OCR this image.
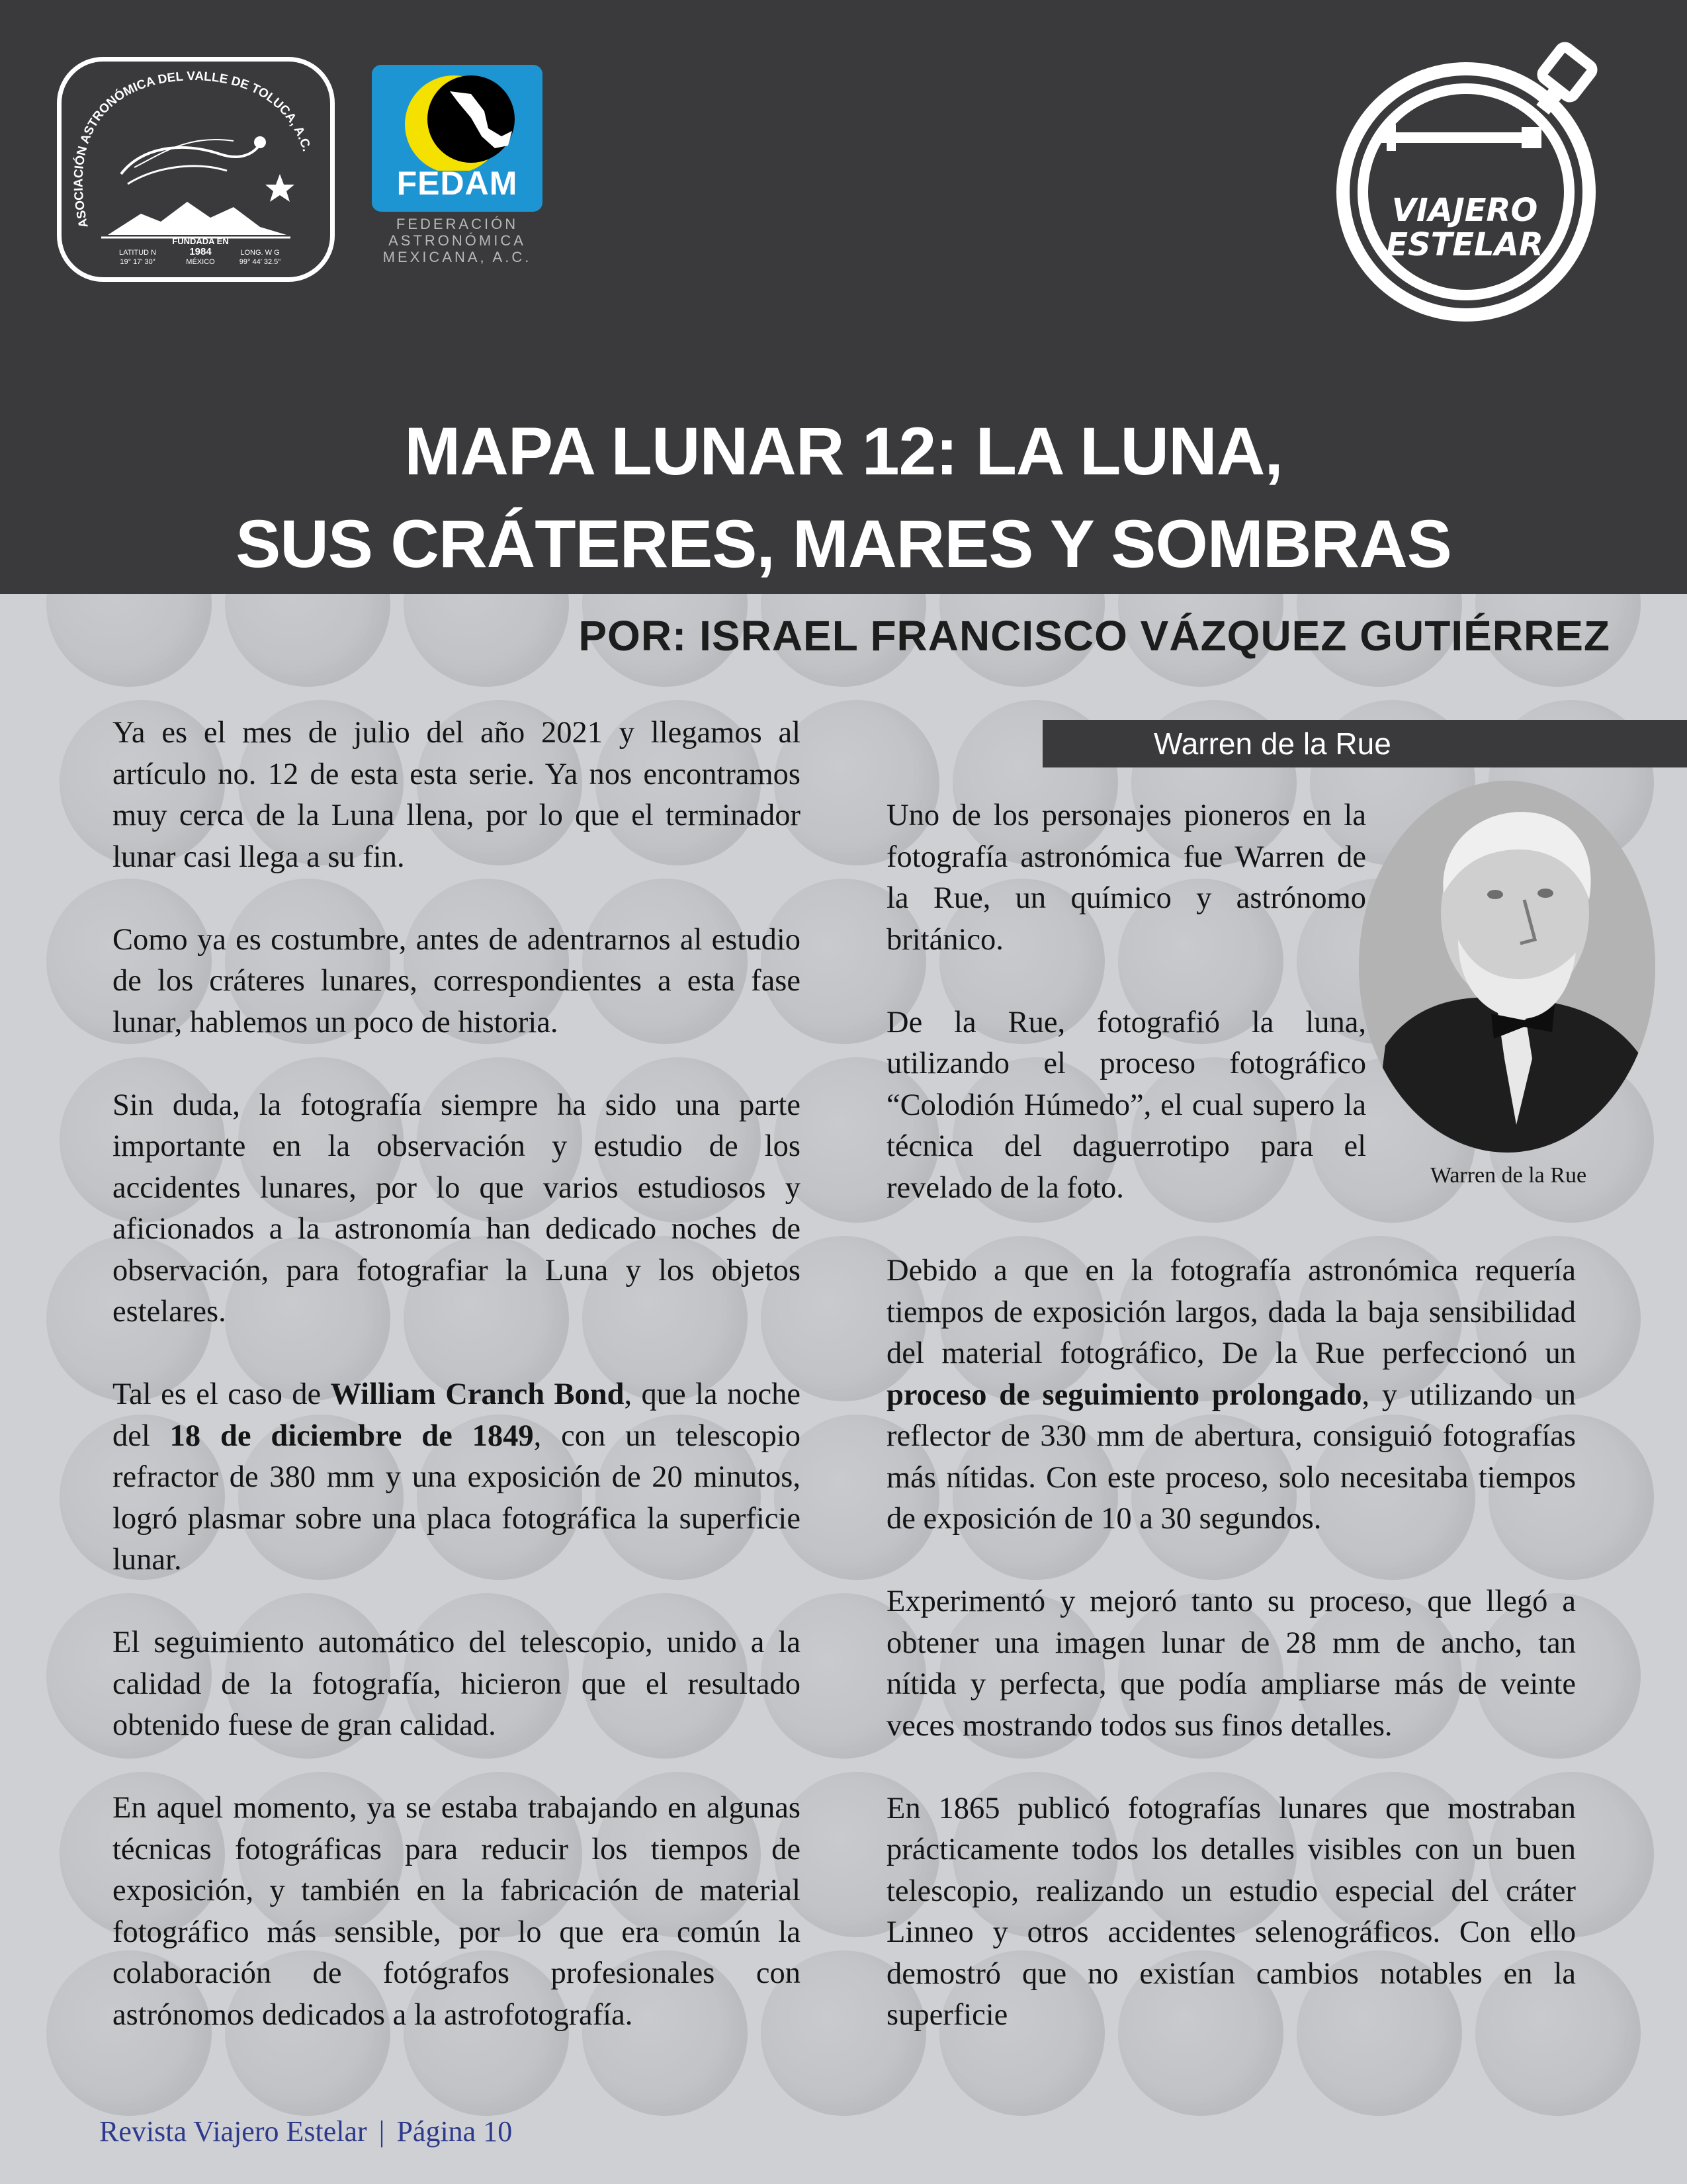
ASOCIACIÓN ASTRONÓMICA DEL VALLE DE TOLUCA, A.C.
FUNDADA EN
1984
MÉXICO
LATITUD N
19° 17' 30"
LONG. W G
99° 44' 32.5"
FEDAM
FEDERACIÓN
ASTRONÓMICA
MEXICANA, A.C.
VIAJERO
ESTELAR
MAPA LUNAR 12: LA LUNA,
SUS CRÁTERES, MARES Y SOMBRAS
POR: ISRAEL FRANCISCO VÁZQUEZ GUTIÉRREZ

Ya es el mes de julio del año 2021 y llegamos al artículo no. 12 de esta esta serie. Ya nos encontramos muy cerca de la Luna llena, por lo que el terminador lunar casi llega a su fin.

Como ya es costumbre, antes de adentrarnos al estudio de los cráteres lunares, correspondientes a esta fase lunar, hablemos un poco de historia.

Sin duda, la fotografía siempre ha sido una parte importante en la observación y estudio de los accidentes lunares, por lo que varios estudiosos y aficionados a la astronomía han dedicado noches de observación, para fotografiar la Luna y los objetos estelares.

Tal es el caso de William Cranch Bond, que la noche del 18 de diciembre de 1849, con un telescopio refractor de 380 mm y una exposición de 20 minutos, logró plasmar sobre una placa fotográfica la superficie lunar.

El seguimiento automático del telescopio, unido a la calidad de la fotografía, hicieron que el resultado obtenido fuese de gran calidad.

En aquel momento, ya se estaba trabajando en algunas técnicas fotográficas para reducir los tiempos de exposición, y también en la fabricación de material fotográfico más sensible, por lo que era común la colaboración de fotógrafos profesionales con astrónomos dedicados a la astrofotografía.

Warren de la Rue
Warren de la Rue

Uno de los personajes pioneros en la fotografía astronómica fue Warren de la Rue, un químico y astrónomo británico.

De la Rue, fotografió la luna, utilizando el proceso fotográfico “Colodión Húmedo”, el cual supero la técnica del daguerrotipo para el revelado de la foto.

Debido a que en la fotografía astronómica requería tiempos de exposición largos, dada la baja sensibilidad del material fotográfico, De la Rue perfeccionó un proceso de seguimiento prolongado, y utilizando un reflector de 330 mm de abertura, consiguió fotografías más nítidas. Con este proceso, solo necesitaba tiempos de exposición de 10 a 30 segundos.

Experimentó y mejoró tanto su proceso, que llegó a obtener una imagen lunar de 28 mm de ancho, tan nítida y perfecta, que podía ampliarse más de veinte veces mostrando todos sus finos detalles.

En 1865 publicó fotografías lunares que mostraban prácticamente todos los detalles visibles con un buen telescopio, realizando un estudio especial del cráter Linneo y otros accidentes selenográficos. Con ello demostró que no existían cambios notables en la superficie

Revista Viajero Estelar | Página 10
